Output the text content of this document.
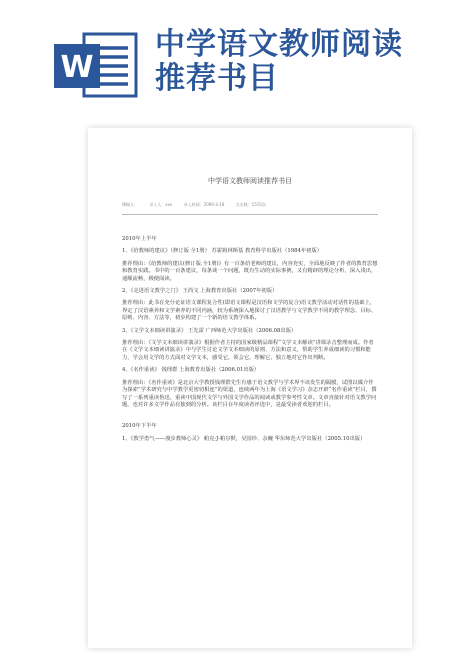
W
中学语文教师阅读
推荐书目
中学语文教师阅读推荐书目
撰稿人：	录入人：xxx	录入时间：2009-3-18	点击数：1515次

2010年上半年

1、《给教师的建议》（修订版 全1册） 苏霍姆林斯基 教育科学出版社（1984年初版）

推荐理由：《给教师的建议(修订版.全1册)》有一百条给老师的建议，内容充实，全面地反映了作者的教育思想和教育实践。书中的一百条建议，每条谈一个问题，既有生动的实际事例，又有精辟的理论分析，深入浅出，通顺流畅，极便阅读。

2、《走进语文教学之门》 王尚文 上海教育出版社（2007年初版）

推荐理由：此书在充分论证语文课程复合性(即语文课程是汉语和文学的复合)语文教学活动对话性的基础上，界定了汉语素养和文学素养的不同内涵，较为系统深入地探讨了汉语教学与文学教学不同的教学理念、目标、原则、内容、方法等，初步构建了一个新的语文教学体系。

3、《文学文本细读讲演录》 王先霈 广西师范大学出版社（2006.08出版）

推荐理由：《文学文本细读讲演录》根据作者主持的国家级精品课程“文学文本解读”讲课录音整理而成。作者在《文学文本细读讲演录》中与学生讨论文学文本细读的原则、方法和意义，帮助学生养成细读的习惯和能力，学会用文学的方式面对文学文本，感受它，领会它，理解它，独立地对它作出判断。

4、《名作重读》 钱理群 上海教育出版社（2006.01出版）

推荐理由：《名作重读》是北京大学教授钱理群先生有感于语文教学与学术界不该发生的隔膜，试图以媒介作为探索”学术研究与中学教学更密切相连”的渠道，连续两年为上海《语文学习》杂志开辟“名作重读”栏目，撰写了一系列重读鲁迅、重读中国现代文学与外国文学作品的阅读或教学参考性文章。文章直接针对语文教学问题，也对许多文学作品有独到的分析。该栏目在年度读者评选中，是最受读者欢迎的栏目。

2010年下半年

1、《教学勇气——漫步教师心灵》 帕克·J·帕尔默，吴国珍、余巍 华东师范大学出版社（2005.10出版）
